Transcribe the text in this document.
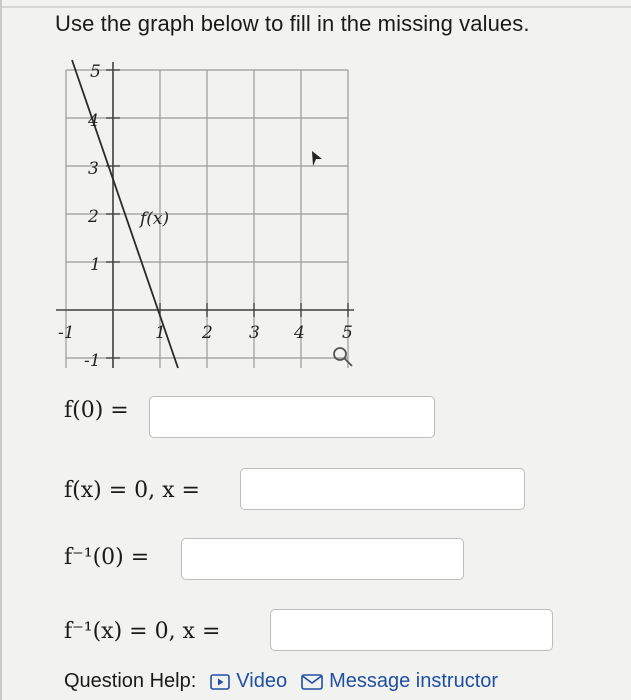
Use the graph below to fill in the missing values.
5
4
3
2
1
-1
-1	1 2 3 4 5
f(x)
f(0) =
f(x) = 0, x =
f⁻¹(0) =
f⁻¹(x) = 0, x =
Question Help: Video Message instructor
